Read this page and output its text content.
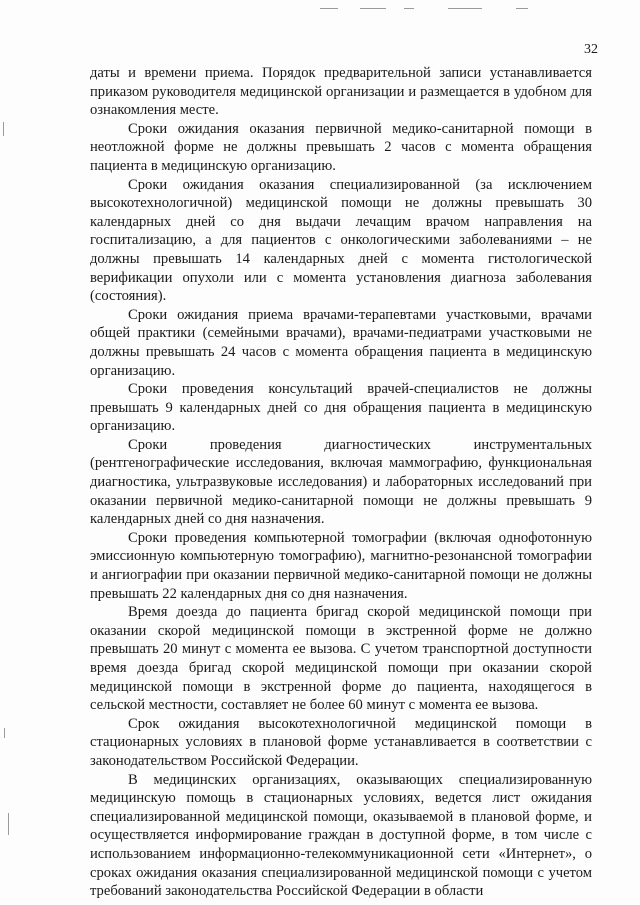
32

даты и времени приема. Порядок предварительной записи устанавливается приказом руководителя медицинской организации и размещается в удобном для ознакомления месте.

Сроки ожидания оказания первичной медико-санитарной помощи в неотложной форме не должны превышать 2 часов с момента обращения пациента в медицинскую организацию.

Сроки ожидания оказания специализированной (за исключением высокотехнологичной) медицинской помощи не должны превышать 30 календарных дней со дня выдачи лечащим врачом направления на госпитализацию, а для пациентов с онкологическими заболеваниями – не должны превышать 14 календарных дней с момента гистологической верификации опухоли или с момента установления диагноза заболевания (состояния).

Сроки ожидания приема врачами-терапевтами участковыми, врачами общей практики (семейными врачами), врачами-педиатрами участковыми не должны превышать 24 часов с момента обращения пациента в медицинскую организацию.

Сроки проведения консультаций врачей-специалистов не должны превышать 9 календарных дней со дня обращения пациента в медицинскую организацию.

Сроки проведения диагностических инструментальных (рентгенографические исследования, включая маммографию, функциональная диагностика, ультразвуковые исследования) и лабораторных исследований при оказании первичной медико-санитарной помощи не должны превышать 9 календарных дней со дня назначения.

Сроки проведения компьютерной томографии (включая однофотонную эмиссионную компьютерную томографию), магнитно-резонансной томографии и ангиографии при оказании первичной медико-санитарной помощи не должны превышать 22 календарных дня со дня назначения.

Время доезда до пациента бригад скорой медицинской помощи при оказании скорой медицинской помощи в экстренной форме не должно превышать 20 минут с момента ее вызова. С учетом транспортной доступности время доезда бригад скорой медицинской помощи при оказании скорой медицинской помощи в экстренной форме до пациента, находящегося в сельской местности, составляет не более 60 минут с момента ее вызова.

Срок ожидания высокотехнологичной медицинской помощи в стационарных условиях в плановой форме устанавливается в соответствии с законодательством Российской Федерации.

В медицинских организациях, оказывающих специализированную медицинскую помощь в стационарных условиях, ведется лист ожидания специализированной медицинской помощи, оказываемой в плановой форме, и осуществляется информирование граждан в доступной форме, в том числе с использованием информационно-телекоммуникационной сети «Интернет», о сроках ожидания оказания специализированной медицинской помощи с учетом требований законодательства Российской Федерации в области
